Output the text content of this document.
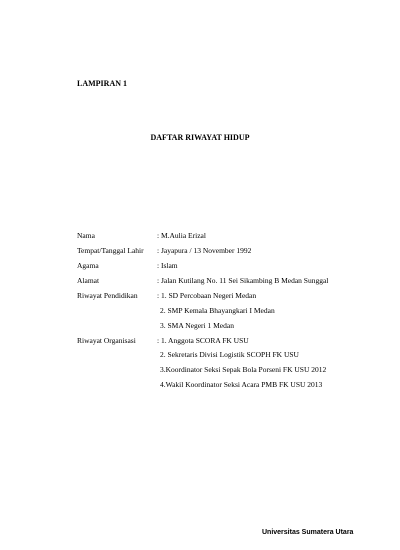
LAMPIRAN 1
DAFTAR RIWAYAT HIDUP
Nama	: M.Aulia Erizal
Tempat/Tanggal Lahir	: Jayapura / 13 November 1992
Agama	: Islam
Alamat	: Jalan Kutilang No. 11 Sei Sikambing B Medan Sunggal
Riwayat Pendidikan	: 1. SD Percobaan Negeri Medan
2. SMP Kemala Bhayangkari I Medan
3. SMA Negeri 1 Medan
Riwayat Organisasi	: 1. Anggota SCORA FK USU
2. Sekretaris Divisi Logistik SCOPH FK USU
3.Koordinator Seksi Sepak Bola Porseni FK USU 2012
4.Wakil Koordinator Seksi Acara PMB FK USU 2013
Universitas Sumatera Utara
